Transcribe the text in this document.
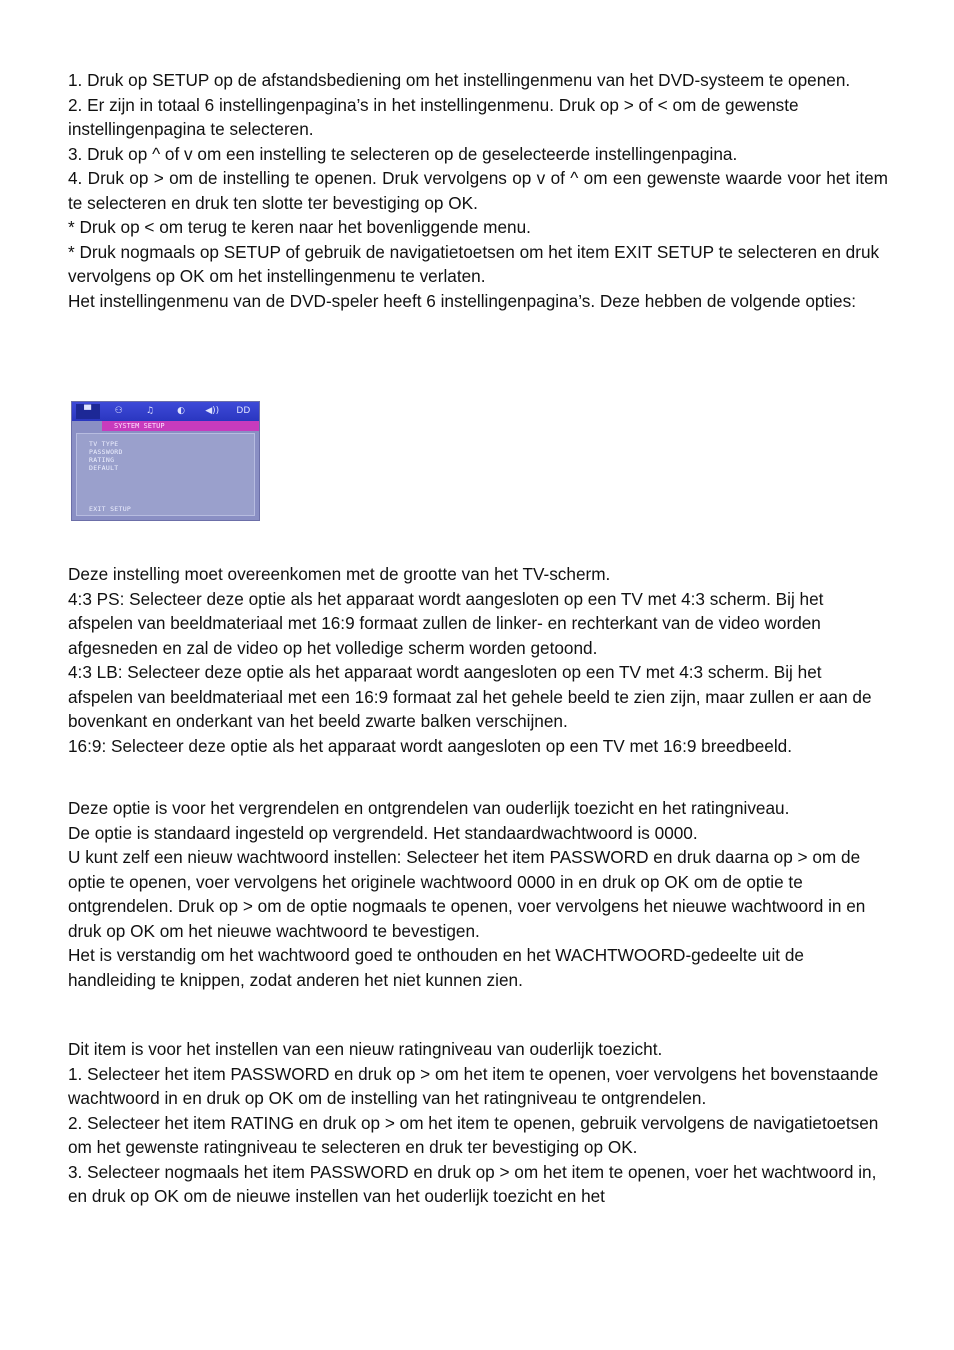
1. Druk op SETUP op de afstandsbediening om het instellingenmenu van het DVD-systeem te openen.

2. Er zijn in totaal 6 instellingenpagina’s in het instellingenmenu. Druk op > of < om de gewenste instellingenpagina te selecteren.

3. Druk op ^ of v om een instelling te selecteren op de geselecteerde instellingenpagina.

4. Druk op > om de instelling te openen. Druk vervolgens op v of ^ om een gewenste waarde voor het item te selecteren en druk ten slotte ter bevestiging op OK.

* Druk op < om terug te keren naar het bovenliggende menu.

* Druk nogmaals op SETUP of gebruik de navigatietoetsen om het item EXIT SETUP te selecteren en druk vervolgens op OK om het instellingenmenu te verlaten.

Het instellingenmenu van de DVD-speler heeft 6 instellingenpagina’s. Deze hebben de volgende opties:

▀	⚇	♫	◐	◀))	DD
SYSTEM SETUP
TV TYPE
PASSWORD
RATING
DEFAULT
EXIT SETUP

Deze instelling moet overeenkomen met de grootte van het TV-scherm.

4:3 PS: Selecteer deze optie als het apparaat wordt aangesloten op een TV met 4:3 scherm. Bij het afspelen van beeldmateriaal met 16:9 formaat zullen de linker- en rechterkant van de video worden afgesneden en zal de video op het volledige scherm worden getoond.

4:3 LB: Selecteer deze optie als het apparaat wordt aangesloten op een TV met 4:3 scherm. Bij het afspelen van beeldmateriaal met een 16:9 formaat zal het gehele beeld te zien zijn, maar zullen er aan de bovenkant en onderkant van het beeld zwarte balken verschijnen.

16:9: Selecteer deze optie als het apparaat wordt aangesloten op een TV met 16:9 breedbeeld.

Deze optie is voor het vergrendelen en ontgrendelen van ouderlijk toezicht en het ratingniveau.

De optie is standaard ingesteld op vergrendeld. Het standaardwachtwoord is 0000.

U kunt zelf een nieuw wachtwoord instellen: Selecteer het item PASSWORD en druk daarna op > om de optie te openen, voer vervolgens het originele wachtwoord 0000 in en druk op OK om de optie te ontgrendelen. Druk op > om de optie nogmaals te openen, voer vervolgens het nieuwe wachtwoord in en druk op OK om het nieuwe wachtwoord te bevestigen.

Het is verstandig om het wachtwoord goed te onthouden en het WACHTWOORD-gedeelte uit de handleiding te knippen, zodat anderen het niet kunnen zien.

Dit item is voor het instellen van een nieuw ratingniveau van ouderlijk toezicht.

1. Selecteer het item PASSWORD en druk op > om het item te openen, voer vervolgens het bovenstaande wachtwoord in en druk op OK om de instelling van het ratingniveau te ontgrendelen.

2. Selecteer het item RATING en druk op > om het item te openen, gebruik vervolgens de navigatietoetsen om het gewenste ratingniveau te selecteren en druk ter bevestiging op OK.

3. Selecteer nogmaals het item PASSWORD en druk op > om het item te openen, voer het wachtwoord in, en druk op OK om de nieuwe instellen van het ouderlijk toezicht en het
